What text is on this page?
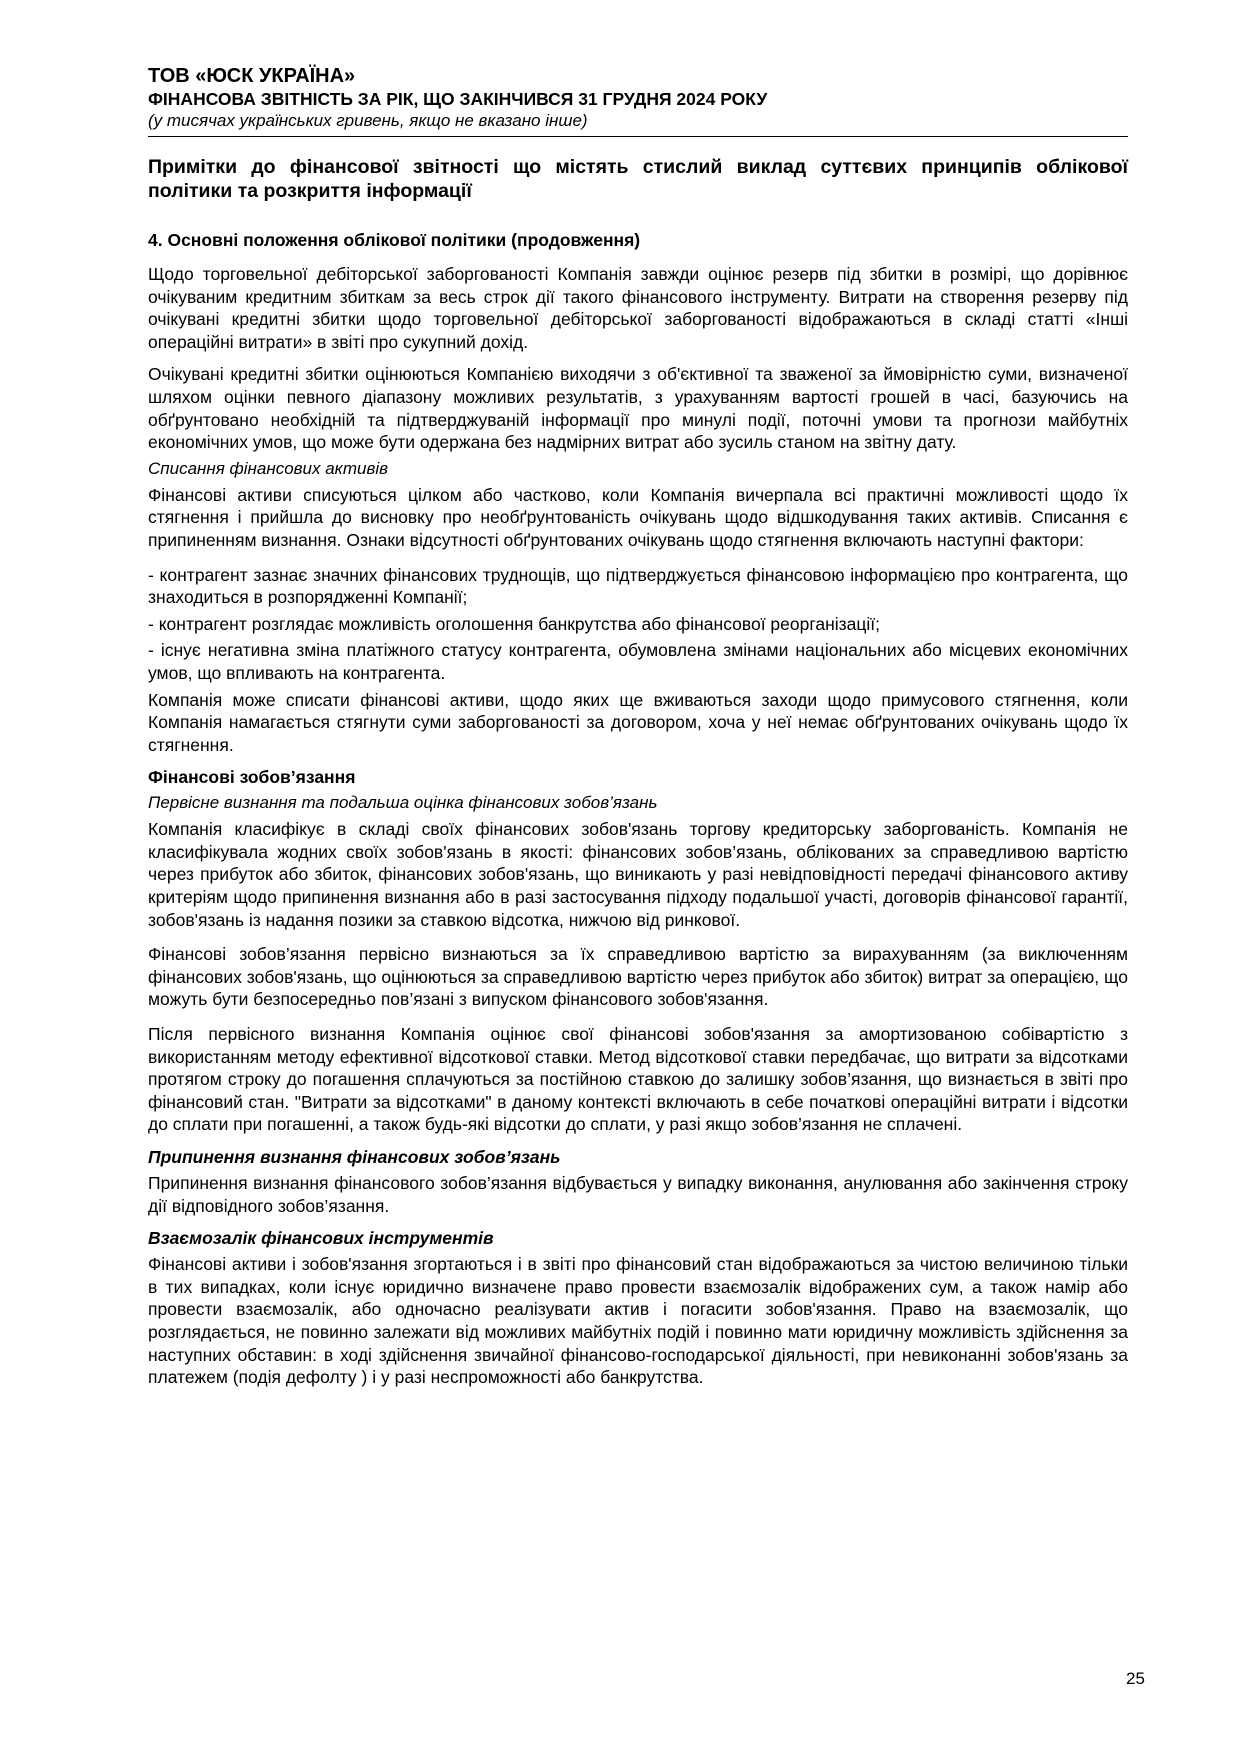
ТОВ «ЮСК УКРАЇНА»

ФІНАНСОВА ЗВІТНІСТЬ ЗА РІК, ЩО ЗАКІНЧИВСЯ 31 ГРУДНЯ 2024 РОКУ

(у тисячах українських гривень, якщо не вказано інше)

Примітки до фінансової звітності що містять стислий виклад суттєвих принципів облікової політики та розкриття інформації

4. Основні положення облікової політики (продовження)

Щодо торговельної дебіторської заборгованості Компанія завжди оцінює резерв під збитки в розмірі, що дорівнює очікуваним кредитним збиткам за весь строк дії такого фінансового інструменту. Витрати на створення резерву під очікувані кредитні збитки щодо торговельної дебіторської заборгованості відображаються в складі статті «Інші операційні витрати» в звіті про сукупний дохід.

Очікувані кредитні збитки оцінюються Компанією виходячи з об'єктивної та зваженої за ймовірністю суми, визначеної шляхом оцінки певного діапазону можливих результатів, з урахуванням вартості грошей в часі, базуючись на обґрунтовано необхідній та підтверджуваній інформації про минулі події, поточні умови та прогнози майбутніх економічних умов, що може бути одержана без надмірних витрат або зусиль станом на звітну дату.

Списання фінансових активів

Фінансові активи списуються цілком або частково, коли Компанія вичерпала всі практичні можливості щодо їх стягнення і прийшла до висновку про необґрунтованість очікувань щодо відшкодування таких активів. Списання є припиненням визнання. Ознаки відсутності обґрунтованих очікувань щодо стягнення включають наступні фактори:

- контрагент зазнає значних фінансових труднощів, що підтверджується фінансовою інформацією про контрагента, що знаходиться в розпорядженні Компанії;

- контрагент розглядає можливість оголошення банкрутства або фінансової реорганізації;

- існує негативна зміна платіжного статусу контрагента, обумовлена змінами національних або місцевих економічних умов, що впливають на контрагента.

Компанія може списати фінансові активи, щодо яких ще вживаються заходи щодо примусового стягнення, коли Компанія намагається стягнути суми заборгованості за договором, хоча у неї немає обґрунтованих очікувань щодо їх стягнення.

Фінансові зобов’язання

Первісне визнання та подальша оцінка фінансових зобов’язань

Компанія класифікує в складі своїх фінансових зобов'язань торгову кредиторську заборгованість. Компанія не класифікувала жодних своїх зобов'язань в якості: фінансових зобов’язань, облікованих за справедливою вартістю через прибуток або збиток, фінансових зобов'язань, що виникають у разі невідповідності передачі фінансового активу критеріям щодо припинення визнання або в разі застосування підходу подальшої участі, договорів фінансової гарантії, зобов'язань із надання позики за ставкою відсотка, нижчою від ринкової.

Фінансові зобов’язання первісно визнаються за їх справедливою вартістю за вирахуванням (за виключенням фінансових зобов'язань, що оцінюються за справедливою вартістю через прибуток або збиток) витрат за операцією, що можуть бути безпосередньо пов’язані з випуском фінансового зобов'язання.

Після первісного визнання Компанія оцінює свої фінансові зобов'язання за амортизованою собівартістю з використанням методу ефективної відсоткової ставки. Метод відсоткової ставки передбачає, що витрати за відсотками протягом строку до погашення сплачуються за постійною ставкою до залишку зобов’язання, що визнається в звіті про фінансовий стан. "Витрати за відсотками" в даному контексті включають в себе початкові операційні витрати і відсотки до сплати при погашенні, а також будь-які відсотки до сплати, у разі якщо зобов’язання не сплачені.

Припинення визнання фінансових зобов’язань

Припинення визнання фінансового зобов’язання відбувається у випадку виконання, анулювання або закінчення строку дії відповідного зобов’язання.

Взаємозалік фінансових інструментів

Фінансові активи і зобов'язання згортаються і в звіті про фінансовий стан відображаються за чистою величиною тільки в тих випадках, коли існує юридично визначене право провести взаємозалік відображених сум, а також намір або провести взаємозалік, або одночасно реалізувати актив і погасити зобов'язання. Право на взаємозалік, що розглядається, не повинно залежати від можливих майбутніх подій і повинно мати юридичну можливість здійснення за наступних обставин: в ході здійснення звичайної фінансово-господарської діяльності, при невиконанні зобов'язань за платежем (подія дефолту ) і у разі неспроможності або банкрутства.

25
